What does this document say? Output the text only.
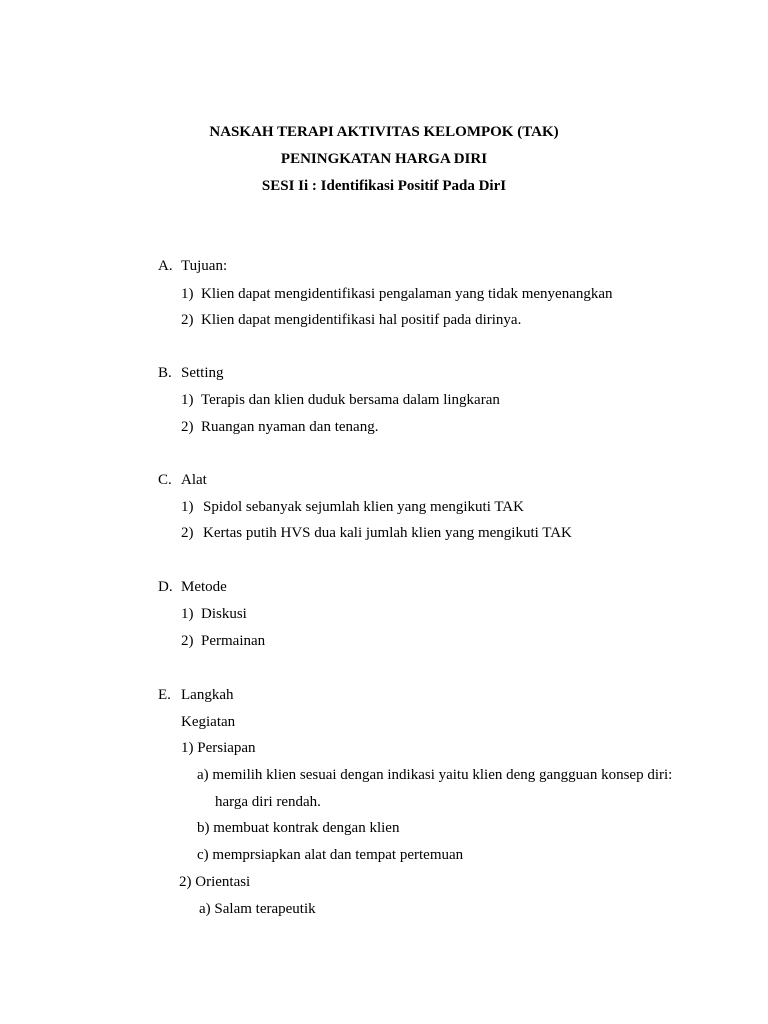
NASKAH TERAPI AKTIVITAS KELOMPOK (TAK)
PENINGKATAN HARGA DIRI
SESI Ii : Identifikasi Positif Pada DirI
A. Tujuan:
1) Klien dapat mengidentifikasi pengalaman yang tidak menyenangkan
2) Klien dapat mengidentifikasi hal positif pada dirinya.
B. Setting
1) Terapis dan klien duduk bersama dalam lingkaran
2) Ruangan nyaman dan tenang.
C. Alat
1) Spidol sebanyak sejumlah klien yang mengikuti TAK
2) Kertas putih HVS dua kali jumlah klien yang mengikuti TAK
D. Metode
1) Diskusi
2) Permainan
E. Langkah
Kegiatan
1) Persiapan
a) memilih klien sesuai dengan indikasi yaitu klien deng gangguan konsep diri:
harga diri rendah.
b) membuat kontrak dengan klien
c) memprsiapkan alat dan tempat pertemuan
2) Orientasi
a) Salam terapeutik
